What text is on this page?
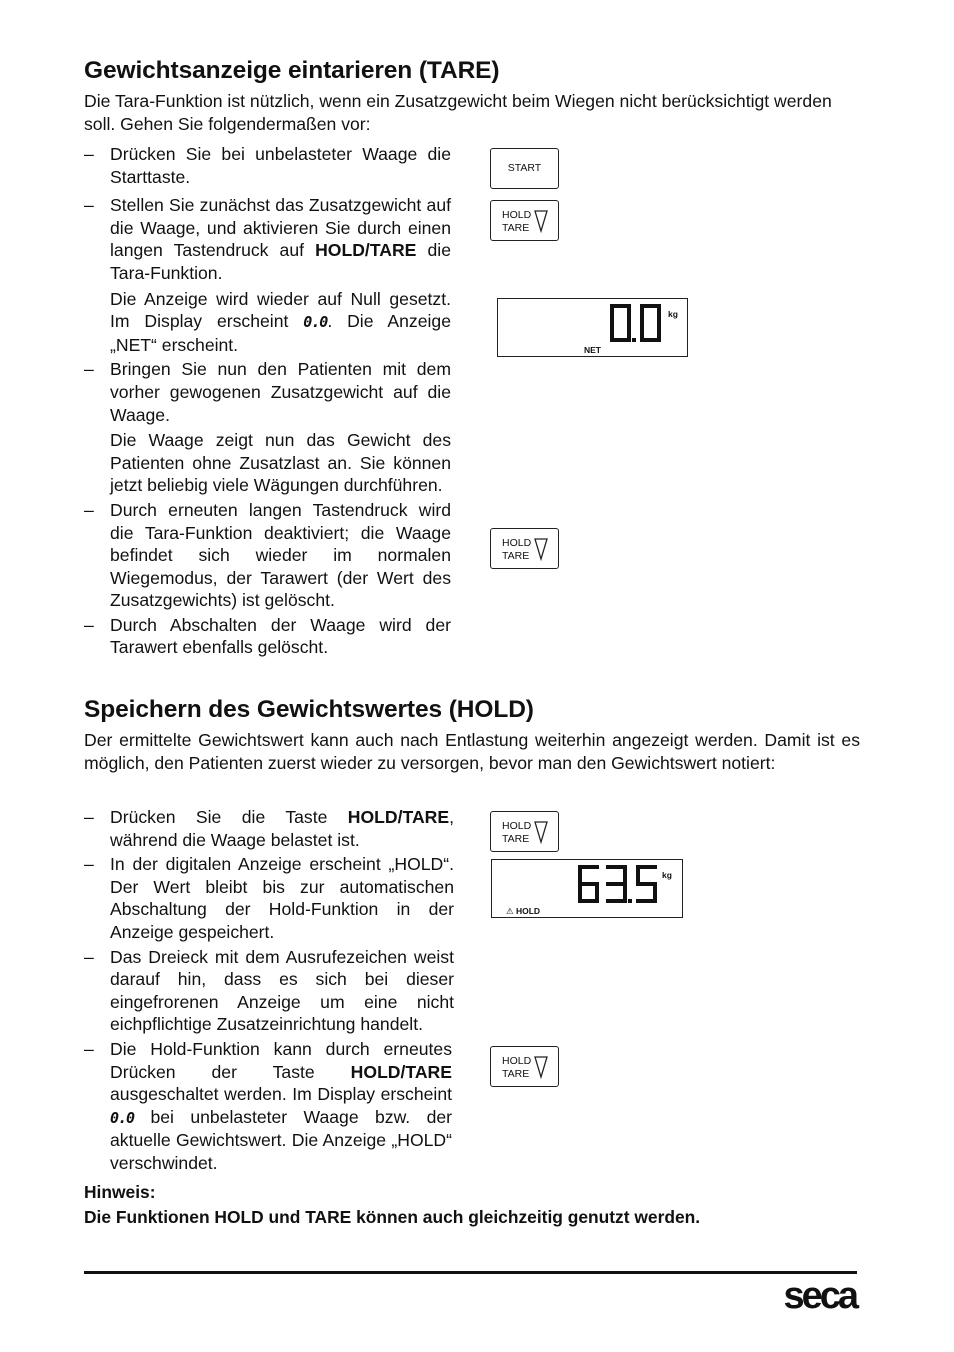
Gewichtsanzeige eintarieren (TARE)

Die Tara-Funktion ist nützlich, wenn ein Zusatzgewicht beim Wiegen nicht berücksichtigt werden soll. Gehen Sie folgendermaßen vor:

– Drücken Sie bei unbelasteter Waage die Starttaste.

– Stellen Sie zunächst das Zusatzgewicht auf die Waage, und aktivieren Sie durch einen langen Tastendruck auf HOLD/TARE die Tara-Funktion.

Die Anzeige wird wieder auf Null gesetzt. Im Display erscheint 0.0. Die Anzeige „NET“ erscheint.

– Bringen Sie nun den Patienten mit dem vorher gewogenen Zusatzgewicht auf die Waage.

Die Waage zeigt nun das Gewicht des Patienten ohne Zusatzlast an. Sie können jetzt beliebig viele Wägungen durchführen.

– Durch erneuten langen Tastendruck wird die Tara-Funktion deaktiviert; die Waage befindet sich wieder im normalen Wiegemodus, der Tarawert (der Wert des Zusatzgewichts) ist gelöscht.

– Durch Abschalten der Waage wird der Tarawert ebenfalls gelöscht.

START
HOLD
TARE
kg
NET
HOLD
TARE
Speichern des Gewichtswertes (HOLD)

Der ermittelte Gewichtswert kann auch nach Entlastung weiterhin angezeigt werden. Damit ist es möglich, den Patienten zuerst wieder zu versorgen, bevor man den Gewichtswert notiert:

– Drücken Sie die Taste HOLD/TARE, während die Waage belastet ist.

– In der digitalen Anzeige erscheint „HOLD“. Der Wert bleibt bis zur automatischen Abschaltung der Hold-Funktion in der Anzeige gespeichert.

– Das Dreieck mit dem Ausrufezeichen weist darauf hin, dass es sich bei dieser eingefrorenen Anzeige um eine nicht eichpflichtige Zusatzeinrichtung handelt.

– Die Hold-Funktion kann durch erneutes Drücken der Taste HOLD/TARE ausgeschaltet werden. Im Display erscheint 0.0 bei unbelasteter Waage bzw. der aktuelle Gewichtswert. Die Anzeige „HOLD“ verschwindet.

HOLD
TARE
kg
⚠ HOLD
HOLD
TARE

Hinweis:

Die Funktionen HOLD und TARE können auch gleichzeitig genutzt werden.

seca
